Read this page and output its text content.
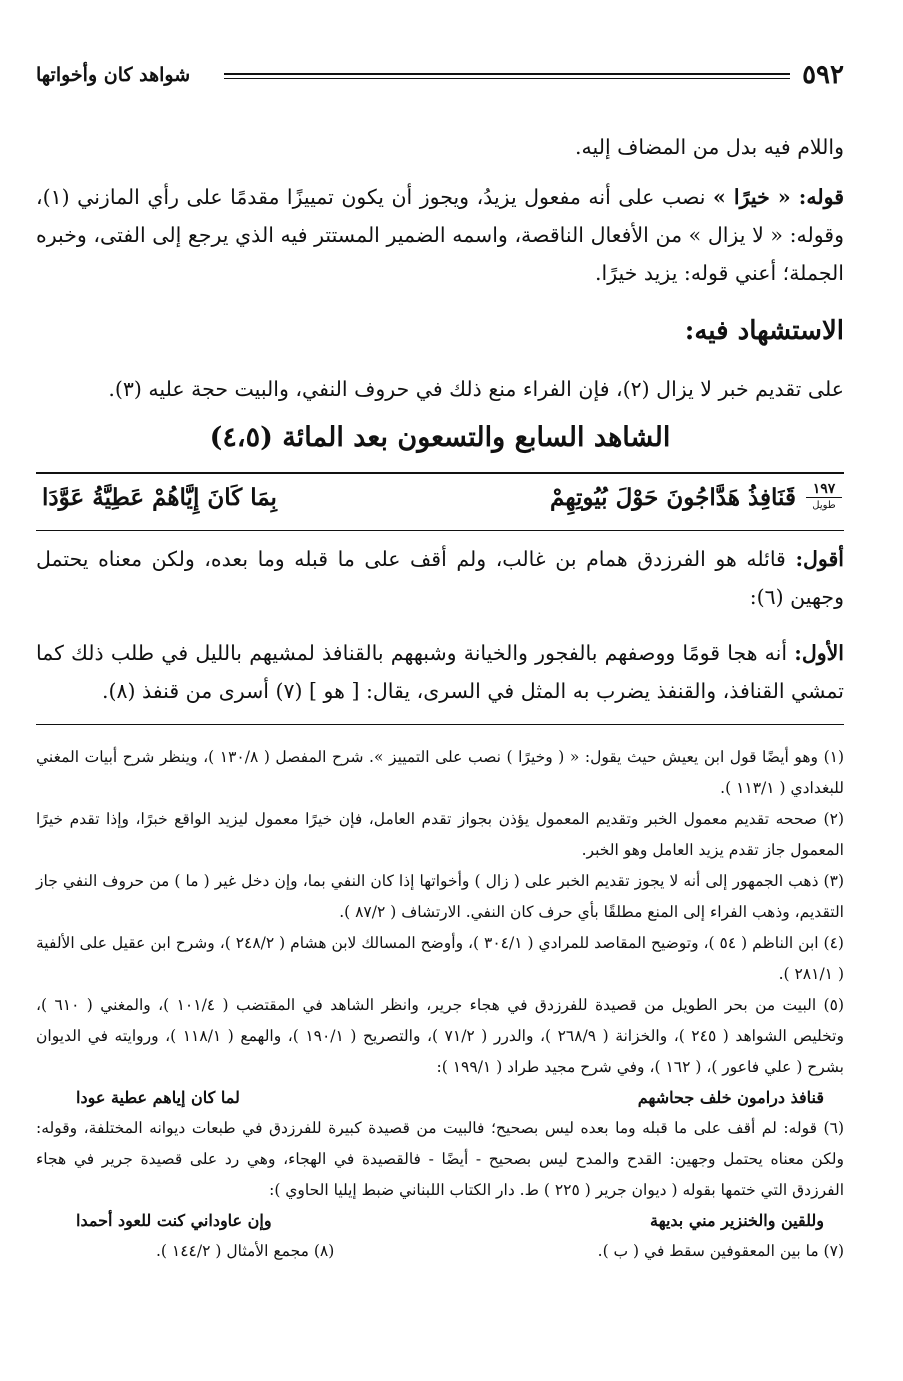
٥٩٢
شواهد كان وأخواتها
واللام فيه بدل من المضاف إليه.
قوله: « خيرًا » نصب على أنه مفعول يزيدُ، ويجوز أن يكون تمييزًا مقدمًا على رأي المازني (١)، وقوله: « لا يزال » من الأفعال الناقصة، واسمه الضمير المستتر فيه الذي يرجع إلى الفتى، وخبره الجملة؛ أعني قوله: يزيد خيرًا.
الاستشهاد فيه:
على تقديم خبر لا يزال (٢)، فإن الفراء منع ذلك في حروف النفي، والبيت حجة عليه (٣).
الشاهد السابع والتسعون بعد المائة (٤،٥)
١٩٧
طويل
قَنَافِذُ هَدَّاجُونَ حَوْلَ بُيُوتِهِمْ
بِمَا كَانَ إِيَّاهُمْ عَطِيَّةُ عَوَّدَا
أقول: قائله هو الفرزدق همام بن غالب، ولم أقف على ما قبله وما بعده، ولكن معناه يحتمل وجهين (٦):
الأول: أنه هجا قومًا ووصفهم بالفجور والخيانة وشبههم بالقنافذ لمشيهم بالليل في طلب ذلك كما تمشي القنافذ، والقنفذ يضرب به المثل في السرى، يقال: [ هو ] (٧) أسرى من قنفذ (٨).

(١) وهو أيضًا قول ابن يعيش حيث يقول: « ( وخيرًا ) نصب على التمييز ». شرح المفصل ( ١٣٠/٨ )، وينظر شرح أبيات المغني للبغدادي ( ١١٣/١ ).

(٢) صححه تقديم معمول الخبر وتقديم المعمول يؤذن بجواز تقدم العامل، فإن خيرًا معمول ليزيد الواقع خبرًا، وإذا تقدم خيرًا المعمول جاز تقدم يزيد العامل وهو الخبر.

(٣) ذهب الجمهور إلى أنه لا يجوز تقديم الخبر على ( زال ) وأخواتها إذا كان النفي بما، وإن دخل غير ( ما ) من حروف النفي جاز التقديم، وذهب الفراء إلى المنع مطلقًا بأي حرف كان النفي. الارتشاف ( ٨٧/٢ ).

(٤) ابن الناظم ( ٥٤ )، وتوضيح المقاصد للمرادي ( ٣٠٤/١ )، وأوضح المسالك لابن هشام ( ٢٤٨/٢ )، وشرح ابن عقيل على الألفية ( ٢٨١/١ ).

(٥) البيت من بحر الطويل من قصيدة للفرزدق في هجاء جرير، وانظر الشاهد في المقتضب ( ١٠١/٤ )، والمغني ( ٦١٠ )، وتخليص الشواهد ( ٢٤٥ )، والخزانة ( ٢٦٨/٩ )، والدرر ( ٧١/٢ )، والتصريح ( ١٩٠/١ )، والهمع ( ١١٨/١ )، وروايته في الديوان بشرح ( علي فاعور )، ( ١٦٢ )، وفي شرح مجيد طراد ( ١٩٩/١ ):

قنافذ درامون خلف جحاشهم
لما كان إياهم عطية عودا

(٦) قوله: لم أقف على ما قبله وما بعده ليس بصحيح؛ فالبيت من قصيدة كبيرة للفرزدق في طبعات ديوانه المختلفة، وقوله: ولكن معناه يحتمل وجهين: القدح والمدح ليس بصحيح - أيضًا - فالقصيدة في الهجاء، وهي رد على قصيدة جرير في هجاء الفرزدق التي ختمها بقوله ( ديوان جرير ( ٢٢٥ ) ط. دار الكتاب اللبناني ضبط إيليا الحاوي ):

وللقين والخنزير مني بديهة
وإن عاوداني كنت للعود أحمدا
(٧) ما بين المعقوفين سقط في ( ب ).
(٨) مجمع الأمثال ( ١٤٤/٢ ).
